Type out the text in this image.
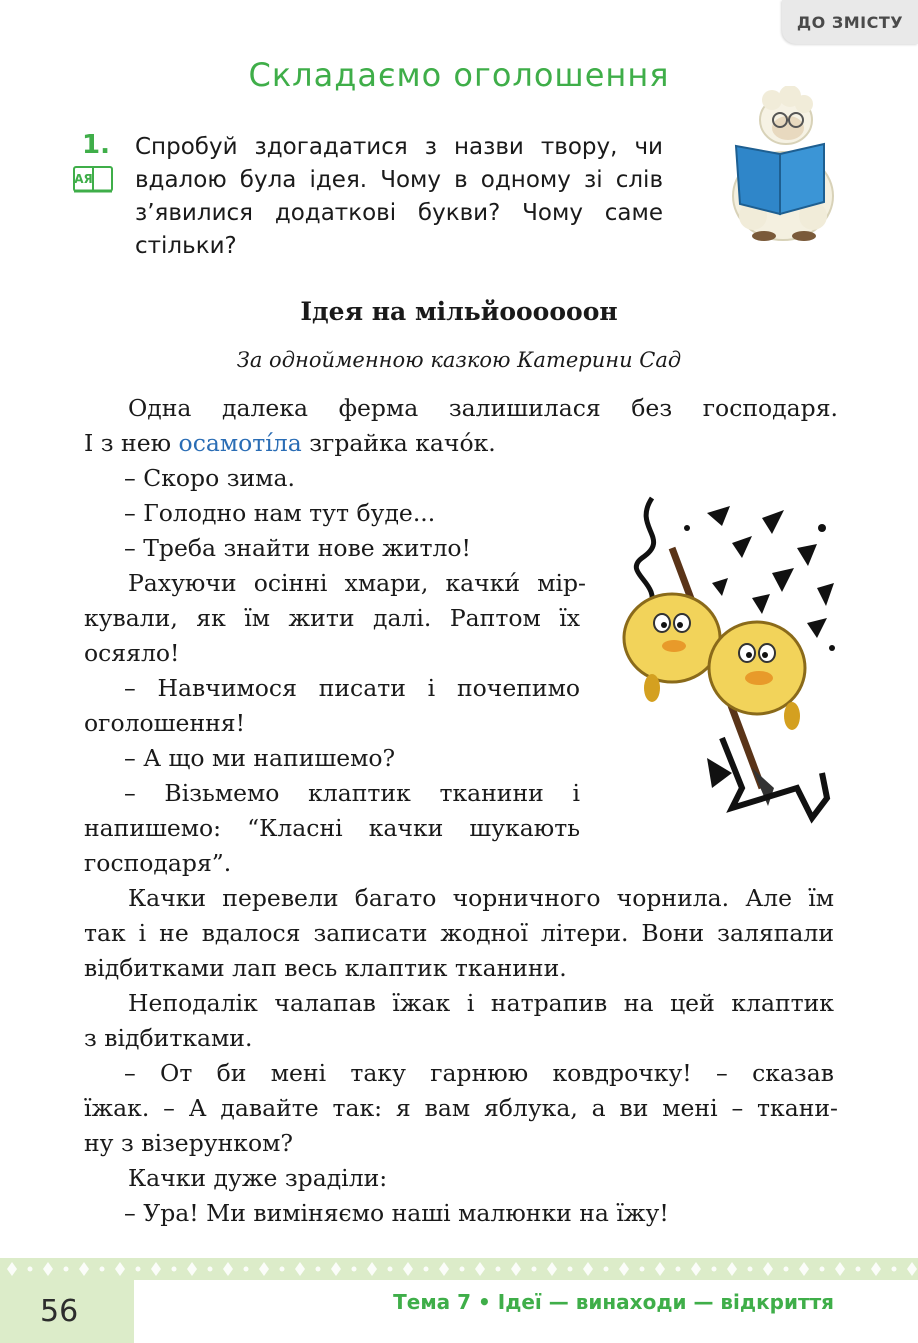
ДО ЗМІСТУ
Складаємо оголошення
1.
АЯ
Спробуй здогадатися з назви твору, чи вдалою була ідея. Чому в одному зі слів з’явилися додаткові букви? Чому саме стільки?
Ідея на мільйоооооон
За однойменною казкою Катерини Сад
Одна далека ферма залишилася без господаря.
І з нею осамоті́ла зграйка качо́к.
– Скоро зима.
– Голодно нам тут буде...
– Треба знайти нове житло!
Рахуючи осінні хмари, качки́ мір-
кували, як їм жити далі. Раптом їх
осяяло!
– Навчимося писати і почепимо
оголошення!
– А що ми напишемо?
– Візьмемо клаптик тканини і
напишемо: “Класні качки шукають
господаря”.
Качки перевели багато чорничного чорнила. Але їм
так і не вдалося записати жодної літери. Вони заляпали
відбитками лап весь клаптик тканини.
Неподалік чалапав їжак і натрапив на цей клаптик
з відбитками.
– От би мені таку гарнюю ковдрочку! – сказав
їжак. – А давайте так: я вам яблука, а ви мені – ткани-
ну з візерунком?
Качки дуже зраділи:
– Ура! Ми виміняємо наші малюнки на їжу!
56	Тема 7 • Ідеї — винаходи — відкриття
